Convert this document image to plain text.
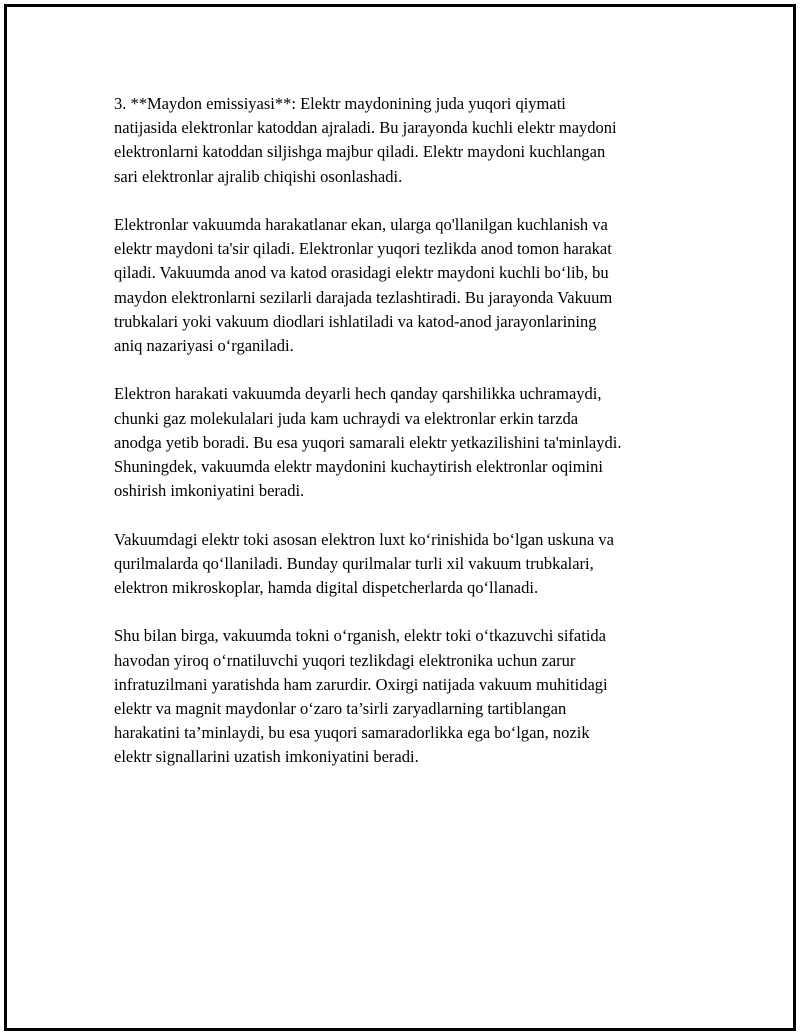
3. **Maydon emissiyasi**: Elektr maydonining juda yuqori qiymati
natijasida elektronlar katoddan ajraladi. Bu jarayonda kuchli elektr maydoni
elektronlarni katoddan siljishga majbur qiladi. Elektr maydoni kuchlangan
sari elektronlar ajralib chiqishi osonlashadi.

Elektronlar vakuumda harakatlanar ekan, ularga qo'llanilgan kuchlanish va
elektr maydoni ta'sir qiladi. Elektronlar yuqori tezlikda anod tomon harakat
qiladi. Vakuumda anod va katod orasidagi elektr maydoni kuchli bo‘lib, bu
maydon elektronlarni sezilarli darajada tezlashtiradi. Bu jarayonda Vakuum
trubkalari yoki vakuum diodlari ishlatiladi va katod-anod jarayonlarining
aniq nazariyasi o‘rganiladi.

Elektron harakati vakuumda deyarli hech qanday qarshilikka uchramaydi,
chunki gaz molekulalari juda kam uchraydi va elektronlar erkin tarzda
anodga yetib boradi. Bu esa yuqori samarali elektr yetkazilishini ta'minlaydi.
Shuningdek, vakuumda elektr maydonini kuchaytirish elektronlar oqimini
oshirish imkoniyatini beradi.

Vakuumdagi elektr toki asosan elektron luxt ko‘rinishida bo‘lgan uskuna va
qurilmalarda qo‘llaniladi. Bunday qurilmalar turli xil vakuum trubkalari,
elektron mikroskoplar, hamda digital dispetcherlarda qo‘llanadi.

Shu bilan birga, vakuumda tokni o‘rganish, elektr toki o‘tkazuvchi sifatida
havodan yiroq o‘rnatiluvchi yuqori tezlikdagi elektronika uchun zarur
infratuzilmani yaratishda ham zarurdir. Oxirgi natijada vakuum muhitidagi
elektr va magnit maydonlar o‘zaro ta’sirli zaryadlarning tartiblangan
harakatini ta’minlaydi, bu esa yuqori samaradorlikka ega bo‘lgan, nozik
elektr signallarini uzatish imkoniyatini beradi.
